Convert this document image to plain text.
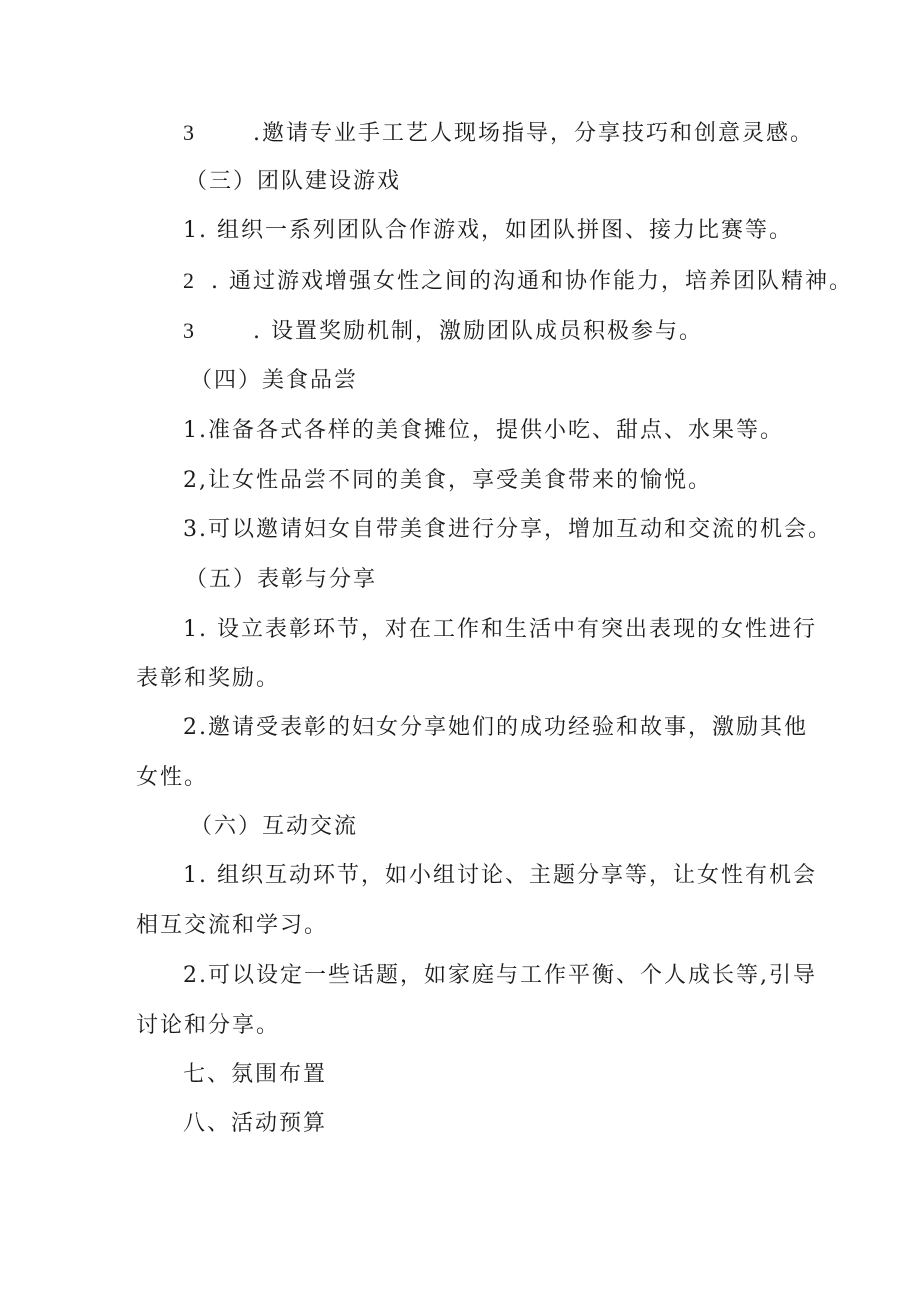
3	.邀请专业手工艺人现场指导，分享技巧和创意灵感。
（三）团队建设游戏
1. 组织一系列团队合作游戏，如团队拼图、接力比赛等。
2 . 通过游戏增强女性之间的沟通和协作能力，培养团队精神。
3	. 设置奖励机制，激励团队成员积极参与。
（四）美食品尝
1.准备各式各样的美食摊位，提供小吃、甜点、水果等。
2,让女性品尝不同的美食，享受美食带来的愉悦。
3.可以邀请妇女自带美食进行分享，增加互动和交流的机会。
（五）表彰与分享
1. 设立表彰环节，对在工作和生活中有突出表现的女性进行
表彰和奖励。
2.邀请受表彰的妇女分享她们的成功经验和故事，激励其他
女性。
（六）互动交流
1. 组织互动环节，如小组讨论、主题分享等，让女性有机会
相互交流和学习。
2.可以设定一些话题，如家庭与工作平衡、个人成长等,引导
讨论和分享。
七、氛围布置
八、活动预算
